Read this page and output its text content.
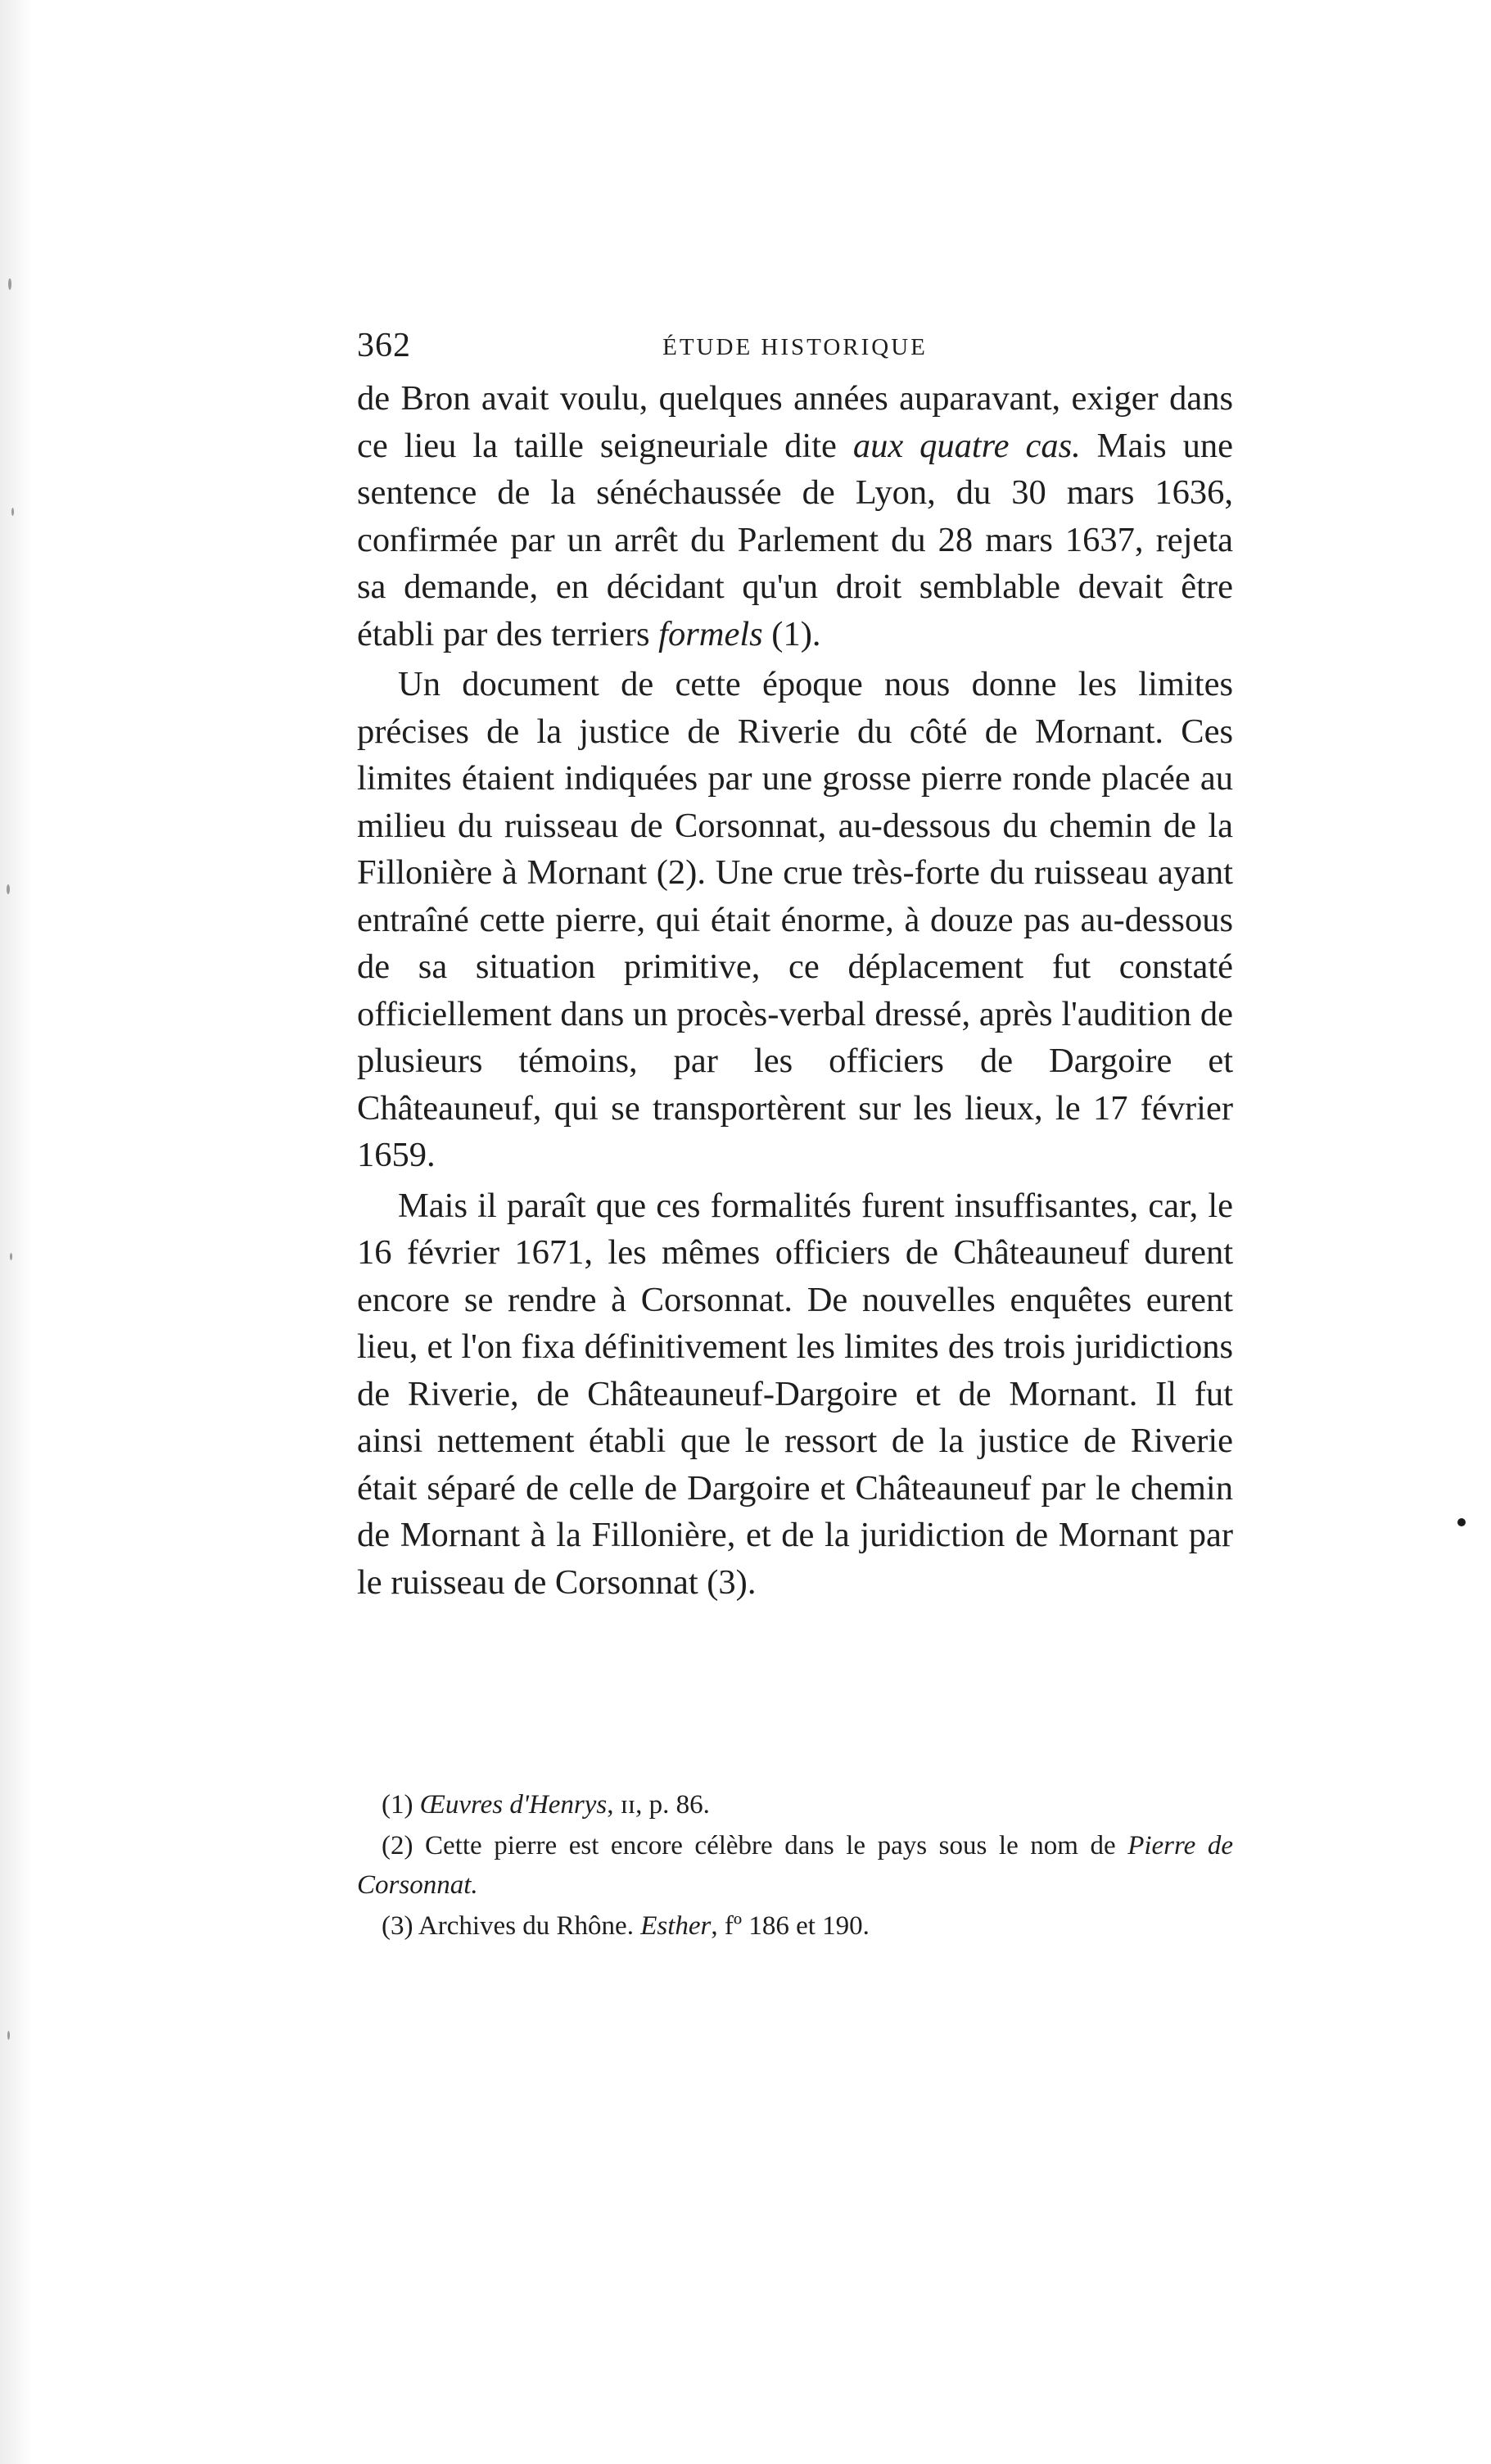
362	ÉTUDE HISTORIQUE

de Bron avait voulu, quelques années auparavant, exiger dans ce lieu la taille seigneuriale dite aux quatre cas. Mais une sentence de la sénéchaussée de Lyon, du 30 mars 1636, confirmée par un arrêt du Parlement du 28 mars 1637, rejeta sa demande, en décidant qu'un droit semblable devait être établi par des terriers formels (1).

Un document de cette époque nous donne les limites précises de la justice de Riverie du côté de Mornant. Ces limites étaient indiquées par une grosse pierre ronde placée au milieu du ruisseau de Corsonnat, au-dessous du chemin de la Fillonière à Mornant (2). Une crue très-forte du ruisseau ayant entraîné cette pierre, qui était énorme, à douze pas au-dessous de sa situation primitive, ce déplacement fut constaté officiellement dans un procès-verbal dressé, après l'audition de plusieurs témoins, par les officiers de Dargoire et Châteauneuf, qui se transportèrent sur les lieux, le 17 février 1659.

Mais il paraît que ces formalités furent insuffisantes, car, le 16 février 1671, les mêmes officiers de Châteauneuf durent encore se rendre à Corsonnat. De nouvelles enquêtes eurent lieu, et l'on fixa définitivement les limites des trois juridictions de Riverie, de Châteauneuf-Dargoire et de Mornant. Il fut ainsi nettement établi que le ressort de la justice de Riverie était séparé de celle de Dargoire et Châteauneuf par le chemin de Mornant à la Fillonière, et de la juridiction de Mornant par le ruisseau de Corsonnat (3).

(1) Œuvres d'Henrys, ɪɪ, p. 86.

(2) Cette pierre est encore célèbre dans le pays sous le nom de Pierre de Corsonnat.

(3) Archives du Rhône. Esther, fº 186 et 190.
